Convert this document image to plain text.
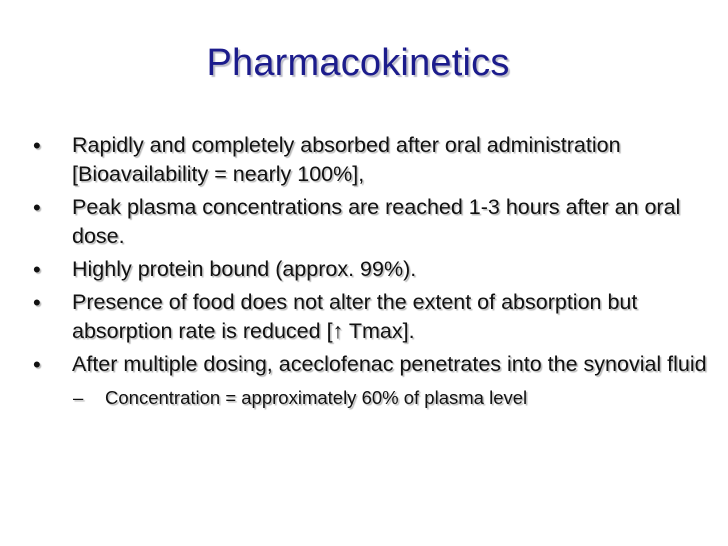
Pharmacokinetics
• Rapidly and completely absorbed after oral administration [Bioavailability = nearly 100%],
• Peak plasma concentrations are reached 1-3 hours after an oral dose.
• Highly protein bound (approx. 99%).
• Presence of food does not alter the extent of absorption but absorption rate is reduced [↑ Tmax].
• After multiple dosing, aceclofenac penetrates into the synovial fluid
– Concentration = approximately 60% of plasma level
